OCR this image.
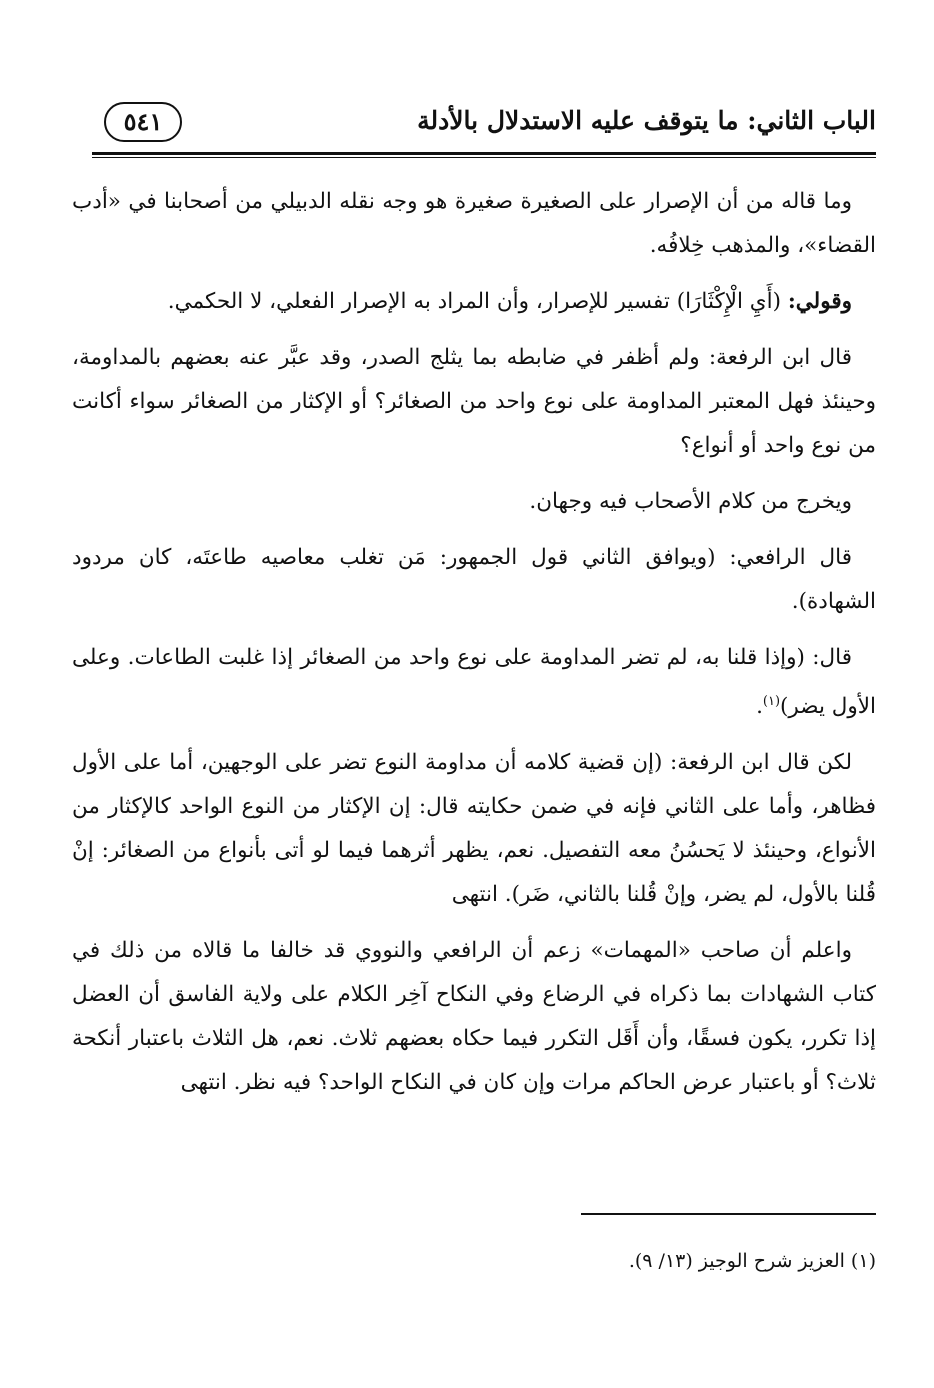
الباب الثاني: ما يتوقف عليه الاستدلال بالأدلة
٥٤١

وما قاله من أن الإصرار على الصغيرة صغيرة هو وجه نقله الدبيلي من أصحابنا في «أدب القضاء»، والمذهب خِلافُه.

وقولي: (أَيِ الْإِكْثَارَا) تفسير للإصرار، وأن المراد به الإصرار الفعلي، لا الحكمي.

قال ابن الرفعة: ولم أظفر في ضابطه بما يثلج الصدر، وقد عبَّر عنه بعضهم بالمداومة، وحينئذ فهل المعتبر المداومة على نوع واحد من الصغائر؟ أو الإكثار من الصغائر سواء أكانت من نوع واحد أو أنواع؟

ويخرج من كلام الأصحاب فيه وجهان.

قال الرافعي: (ويوافق الثاني قول الجمهور: مَن تغلب معاصيه طاعتَه، كان مردود الشهادة).

قال: (وإذا قلنا به، لم تضر المداومة على نوع واحد من الصغائر إذا غلبت الطاعات. وعلى الأول يضر)$^{(١)}$.

لكن قال ابن الرفعة: (إن قضية كلامه أن مداومة النوع تضر على الوجهين، أما على الأول فظاهر، وأما على الثاني فإنه في ضمن حكايته قال: إن الإكثار من النوع الواحد كالإكثار من الأنواع، وحينئذ لا يَحسُنُ معه التفصيل. نعم، يظهر أثرهما فيما لو أتى بأنواع من الصغائر: إنْ قُلنا بالأول، لم يضر، وإنْ قُلنا بالثاني، ضَر). انتهى

واعلم أن صاحب «المهمات» زعم أن الرافعي والنووي قد خالفا ما قالاه من ذلك في كتاب الشهادات بما ذكراه في الرضاع وفي النكاح آخِر الكلام على ولاية الفاسق أن العضل إذا تكرر، يكون فسقًا، وأن أَقَل التكرر فيما حكاه بعضهم ثلاث. نعم، هل الثلاث باعتبار أنكحة ثلاث؟ أو باعتبار عرض الحاكم مرات وإن كان في النكاح الواحد؟ فيه نظر. انتهى

(١) العزيز شرح الوجيز (١٣/ ٩).
